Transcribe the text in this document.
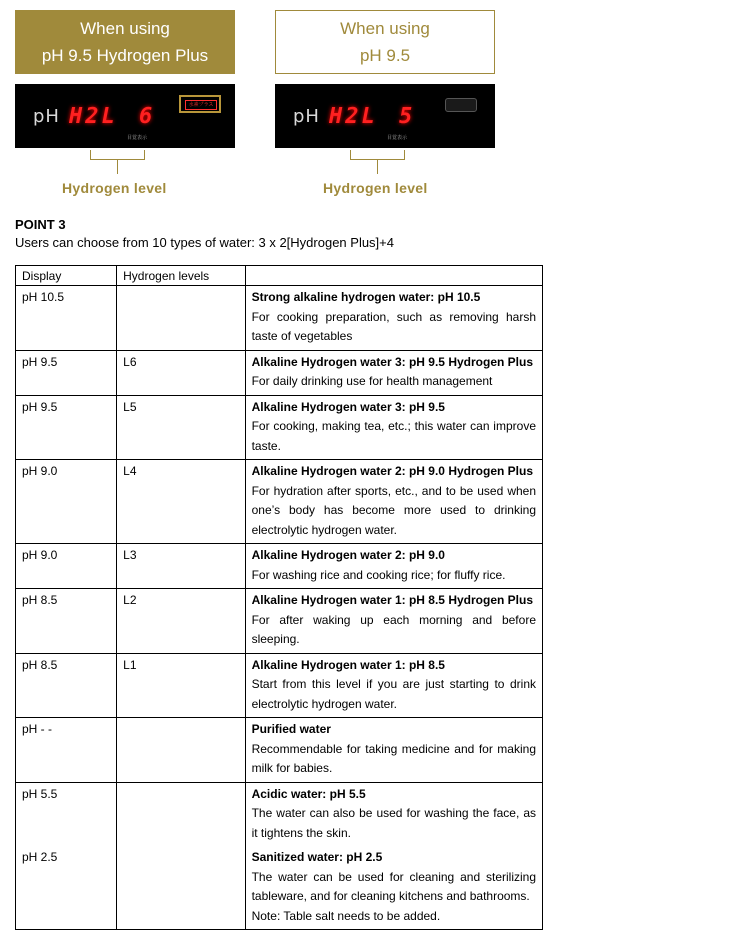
When using
pH 9.5 Hydrogen Plus
When using
pH 9.5
pH H2L 6	水素プラス
目覚表示
pH H2L 5
目覚表示
Hydrogen level	Hydrogen level
POINT 3
Users can choose from 10 types of water: 3 x 2[Hydrogen Plus]+4
Display	Hydrogen levels	
pH 10.5		Strong alkaline hydrogen water: pH 10.5
For cooking preparation, such as removing harsh taste of vegetables

pH 9.5	L6	Alkaline Hydrogen water 3: pH 9.5 Hydrogen Plus
For daily drinking use for health management

pH 9.5	L5	Alkaline Hydrogen water 3: pH 9.5
For cooking, making tea, etc.; this water can improve taste.

pH 9.0	L4	Alkaline Hydrogen water 2: pH 9.0 Hydrogen Plus
For hydration after sports, etc., and to be used when one’s body has become more used to drinking electrolytic hydrogen water.

pH 9.0	L3	Alkaline Hydrogen water 2: pH 9.0
For washing rice and cooking rice; for fluffy rice.

pH 8.5	L2	Alkaline Hydrogen water 1: pH 8.5 Hydrogen Plus
For after waking up each morning and before sleeping.

pH 8.5	L1	Alkaline Hydrogen water 1: pH 8.5
Start from this level if you are just starting to drink electrolytic hydrogen water.

pH - -		Purified water
Recommendable for taking medicine and for making milk for babies.

pH 5.5		Acidic water: pH 5.5
The water can also be used for washing the face, as it tightens the skin.

pH 2.5		Sanitized water: pH 2.5
The water can be used for cleaning and sterilizing tableware, and for cleaning kitchens and bathrooms.
Note: Table salt needs to be added.
